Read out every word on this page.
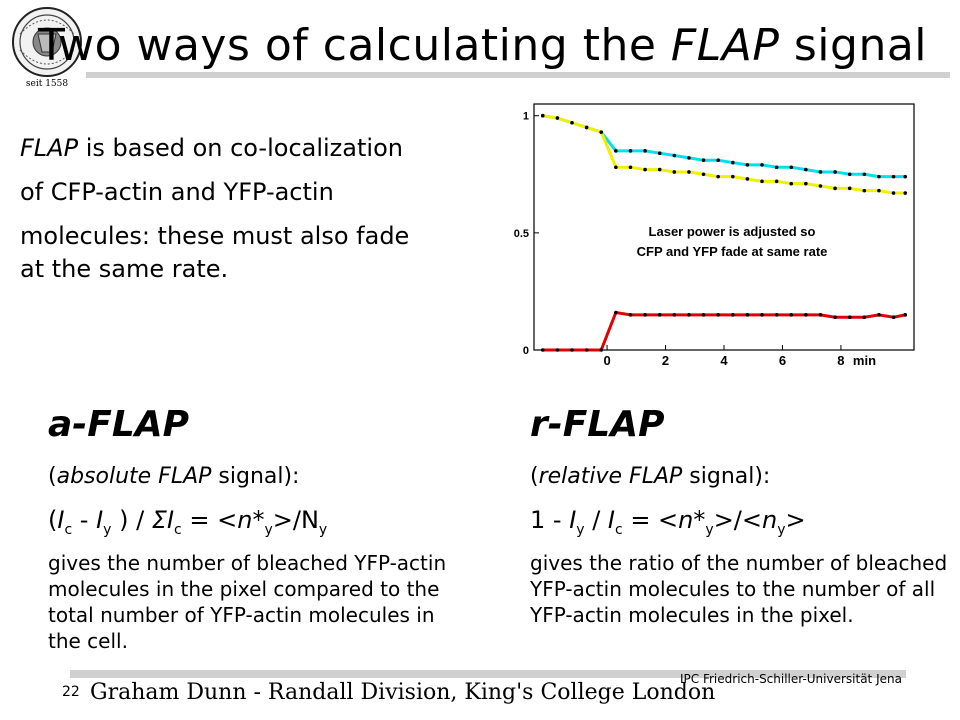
seit 1558
Two ways of calculating the FLAP signal
FLAP is based on co-localization
of CFP-actin and YFP-actin
molecules: these must also fade
at the same rate.
0
0.5
1
0	2	4	6	8 min
Laser power is adjusted so
CFP and YFP fade at same rate
a-FLAP
(absolute FLAP signal):
($I_c - I_y$ ) / $\Sigma I_c = <n*_y>/N_y$
gives the number of bleached YFP-actin molecules in the pixel compared to the total number of YFP-actin molecules in the cell.
r-FLAP
(relative FLAP signal):
$1 - I_y / I_c = <n*_y>/<n_y>$
gives the ratio of the number of bleached YFP-actin molecules to the number of all YFP-actin molecules in the pixel.
22 Graham Dunn - Randall Division, King's College London
IPC Friedrich-Schiller-Universität Jena
